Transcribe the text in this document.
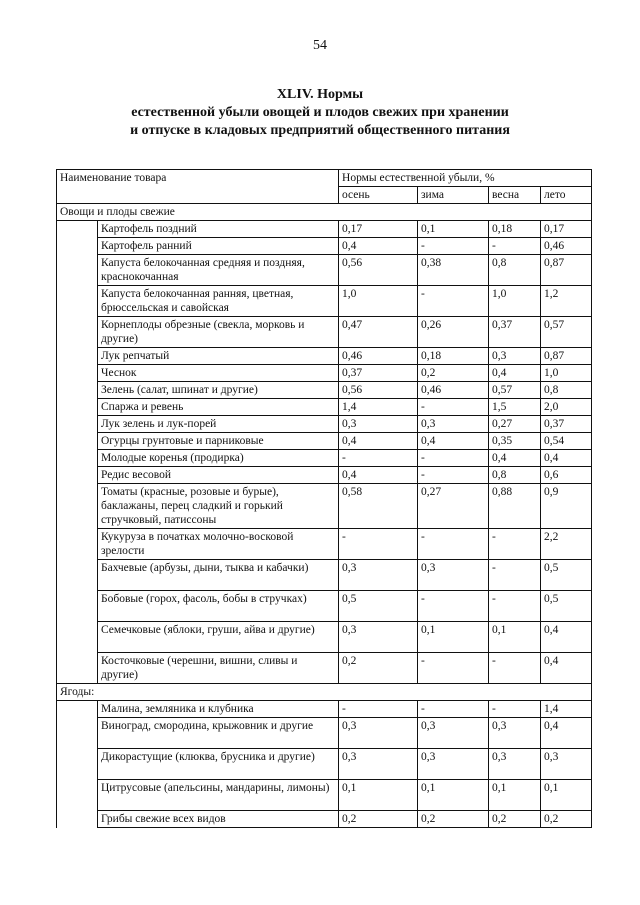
54
XLIV. Нормы
естественной убыли овощей и плодов свежих при хранении
и отпуске в кладовых предприятий общественного питания
Наименование товара		Нормы естественной убыли, %			
		осень	зима	весна	лето
Овощи и плоды свежие					
	Картофель поздний	0,17	0,1	0,18	0,17
	Картофель ранний	0,4	-	-	0,46
	Капуста белокочанная средняя и поздняя, краснокочанная	0,56	0,38	0,8	0,87
	Капуста белокочанная ранняя, цветная, брюссельская и савойская	1,0	-	1,0	1,2
	Корнеплоды обрезные (свекла, морковь и другие)	0,47	0,26	0,37	0,57
	Лук репчатый	0,46	0,18	0,3	0,87
	Чеснок	0,37	0,2	0,4	1,0
	Зелень (салат, шпинат и другие)	0,56	0,46	0,57	0,8
	Спаржа и ревень	1,4	-	1,5	2,0
	Лук зелень и лук-порей	0,3	0,3	0,27	0,37
	Огурцы грунтовые и парниковые	0,4	0,4	0,35	0,54
	Молодые коренья (продирка)	-	-	0,4	0,4
	Редис весовой	0,4	-	0,8	0,6
	Томаты (красные, розовые и бурые), баклажаны, перец сладкий и горький стручковый, патиссоны	0,58	0,27	0,88	0,9
	Кукуруза в початках молочно-восковой зрелости	-	-	-	2,2
	Бахчевые (арбузы, дыни, тыква и кабачки)	0,3	0,3	-	0,5
	Бобовые (горох, фасоль, бобы в стручках)	0,5	-	-	0,5
	Семечковые (яблоки, груши, айва и другие)	0,3	0,1	0,1	0,4
	Косточковые (черешни, вишни, сливы и другие)	0,2	-	-	0,4
Ягоды:					
	Малина, земляника и клубника	-	-	-	1,4
	Виноград, смородина, крыжовник и другие	0,3	0,3	0,3	0,4
	Дикорастущие (клюква, брусника и другие)	0,3	0,3	0,3	0,3
	Цитрусовые (апельсины, мандарины, лимоны)	0,1	0,1	0,1	0,1
	Грибы свежие всех видов	0,2	0,2	0,2	0,2
